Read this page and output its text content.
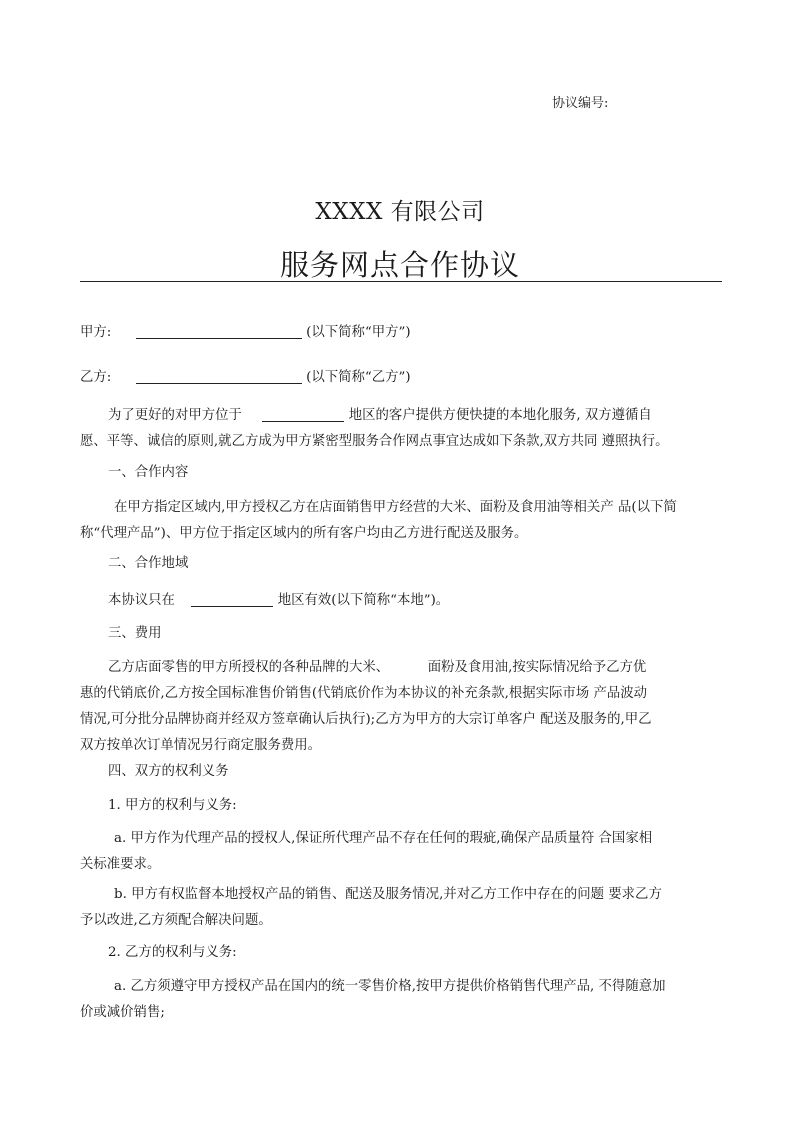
协议编号:
XXXX 有限公司
服务网点合作协议
甲方:	(以下简称“甲方”)
乙方:	(以下简称“乙方”)
为了更好的对甲方位于	地区的客户提供方便快捷的本地化服务, 双方遵循自
愿、平等、诚信的原则,就乙方成为甲方紧密型服务合作网点事宜达成如下条款,双方共同 遵照执行。
一、合作内容
在甲方指定区域内,甲方授权乙方在店面销售甲方经营的大米、面粉及食用油等相关产 品(以下简
称“代理产品”)、甲方位于指定区域内的所有客户均由乙方进行配送及服务。
二、合作地域
本协议只在	地区有效(以下简称“本地”)。
三、费用
乙方店面零售的甲方所授权的各种品牌的大米、	面粉及食用油,按实际情况给予乙方优
惠的代销底价,乙方按全国标准售价销售(代销底价作为本协议的补充条款,根据实际市场 产品波动
情况,可分批分品牌协商并经双方签章确认后执行);乙方为甲方的大宗订单客户 配送及服务的,甲乙
双方按单次订单情况另行商定服务费用。
四、双方的权利义务
1. 甲方的权利与义务:
a. 甲方作为代理产品的授权人,保证所代理产品不存在任何的瑕疵,确保产品质量符 合国家相
关标准要求。
b. 甲方有权监督本地授权产品的销售、配送及服务情况,并对乙方工作中存在的问题 要求乙方
予以改进,乙方须配合解决问题。
2. 乙方的权利与义务:
a. 乙方须遵守甲方授权产品在国内的统一零售价格,按甲方提供价格销售代理产品, 不得随意加
价或减价销售;
